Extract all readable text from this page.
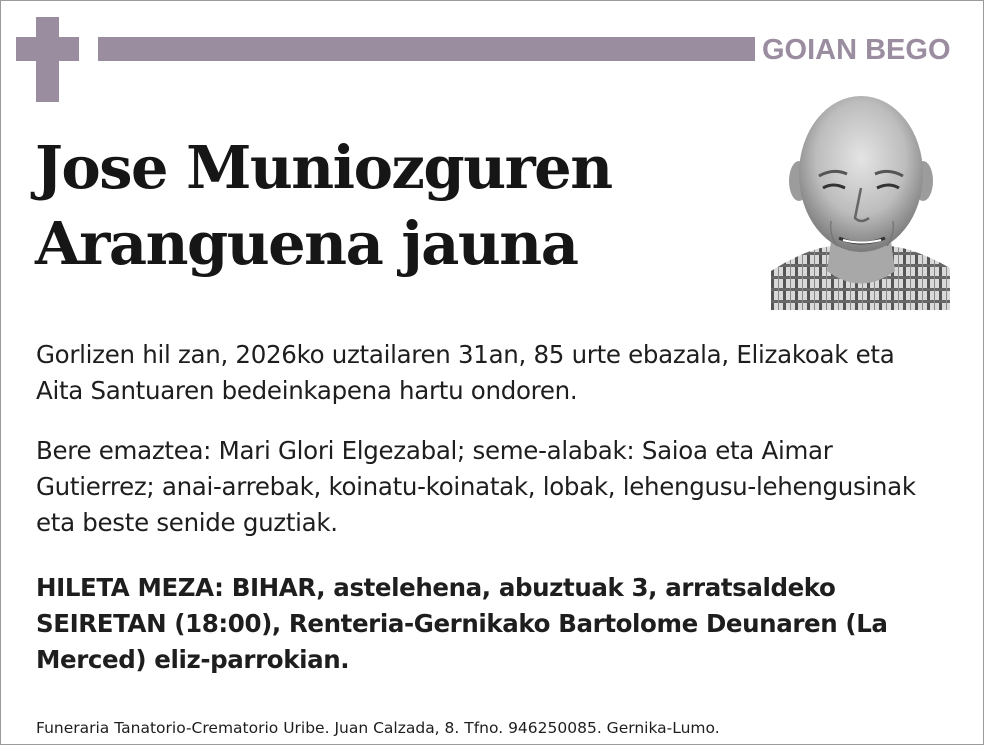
GOIAN BEGO
Jose Muniozguren
Aranguena jauna
Gorlizen hil zan, 2026ko uztailaren 31an, 85 urte ebazala, Elizakoak eta Aita Santuaren bedeinkapena hartu ondoren.
Bere emaztea: Mari Glori Elgezabal; seme-alabak: Saioa eta Aimar Gutierrez; anai-arrebak, koinatu-koinatak, lobak, lehengusu-lehengusinak eta beste senide guztiak.
HILETA MEZA: BIHAR, astelehena, abuztuak 3, arratsaldeko SEIRETAN (18:00), Renteria-Gernikako Bartolome Deunaren (La Merced) eliz-parrokian.
Funeraria Tanatorio-Crematorio Uribe. Juan Calzada, 8. Tfno. 946250085. Gernika-Lumo.
